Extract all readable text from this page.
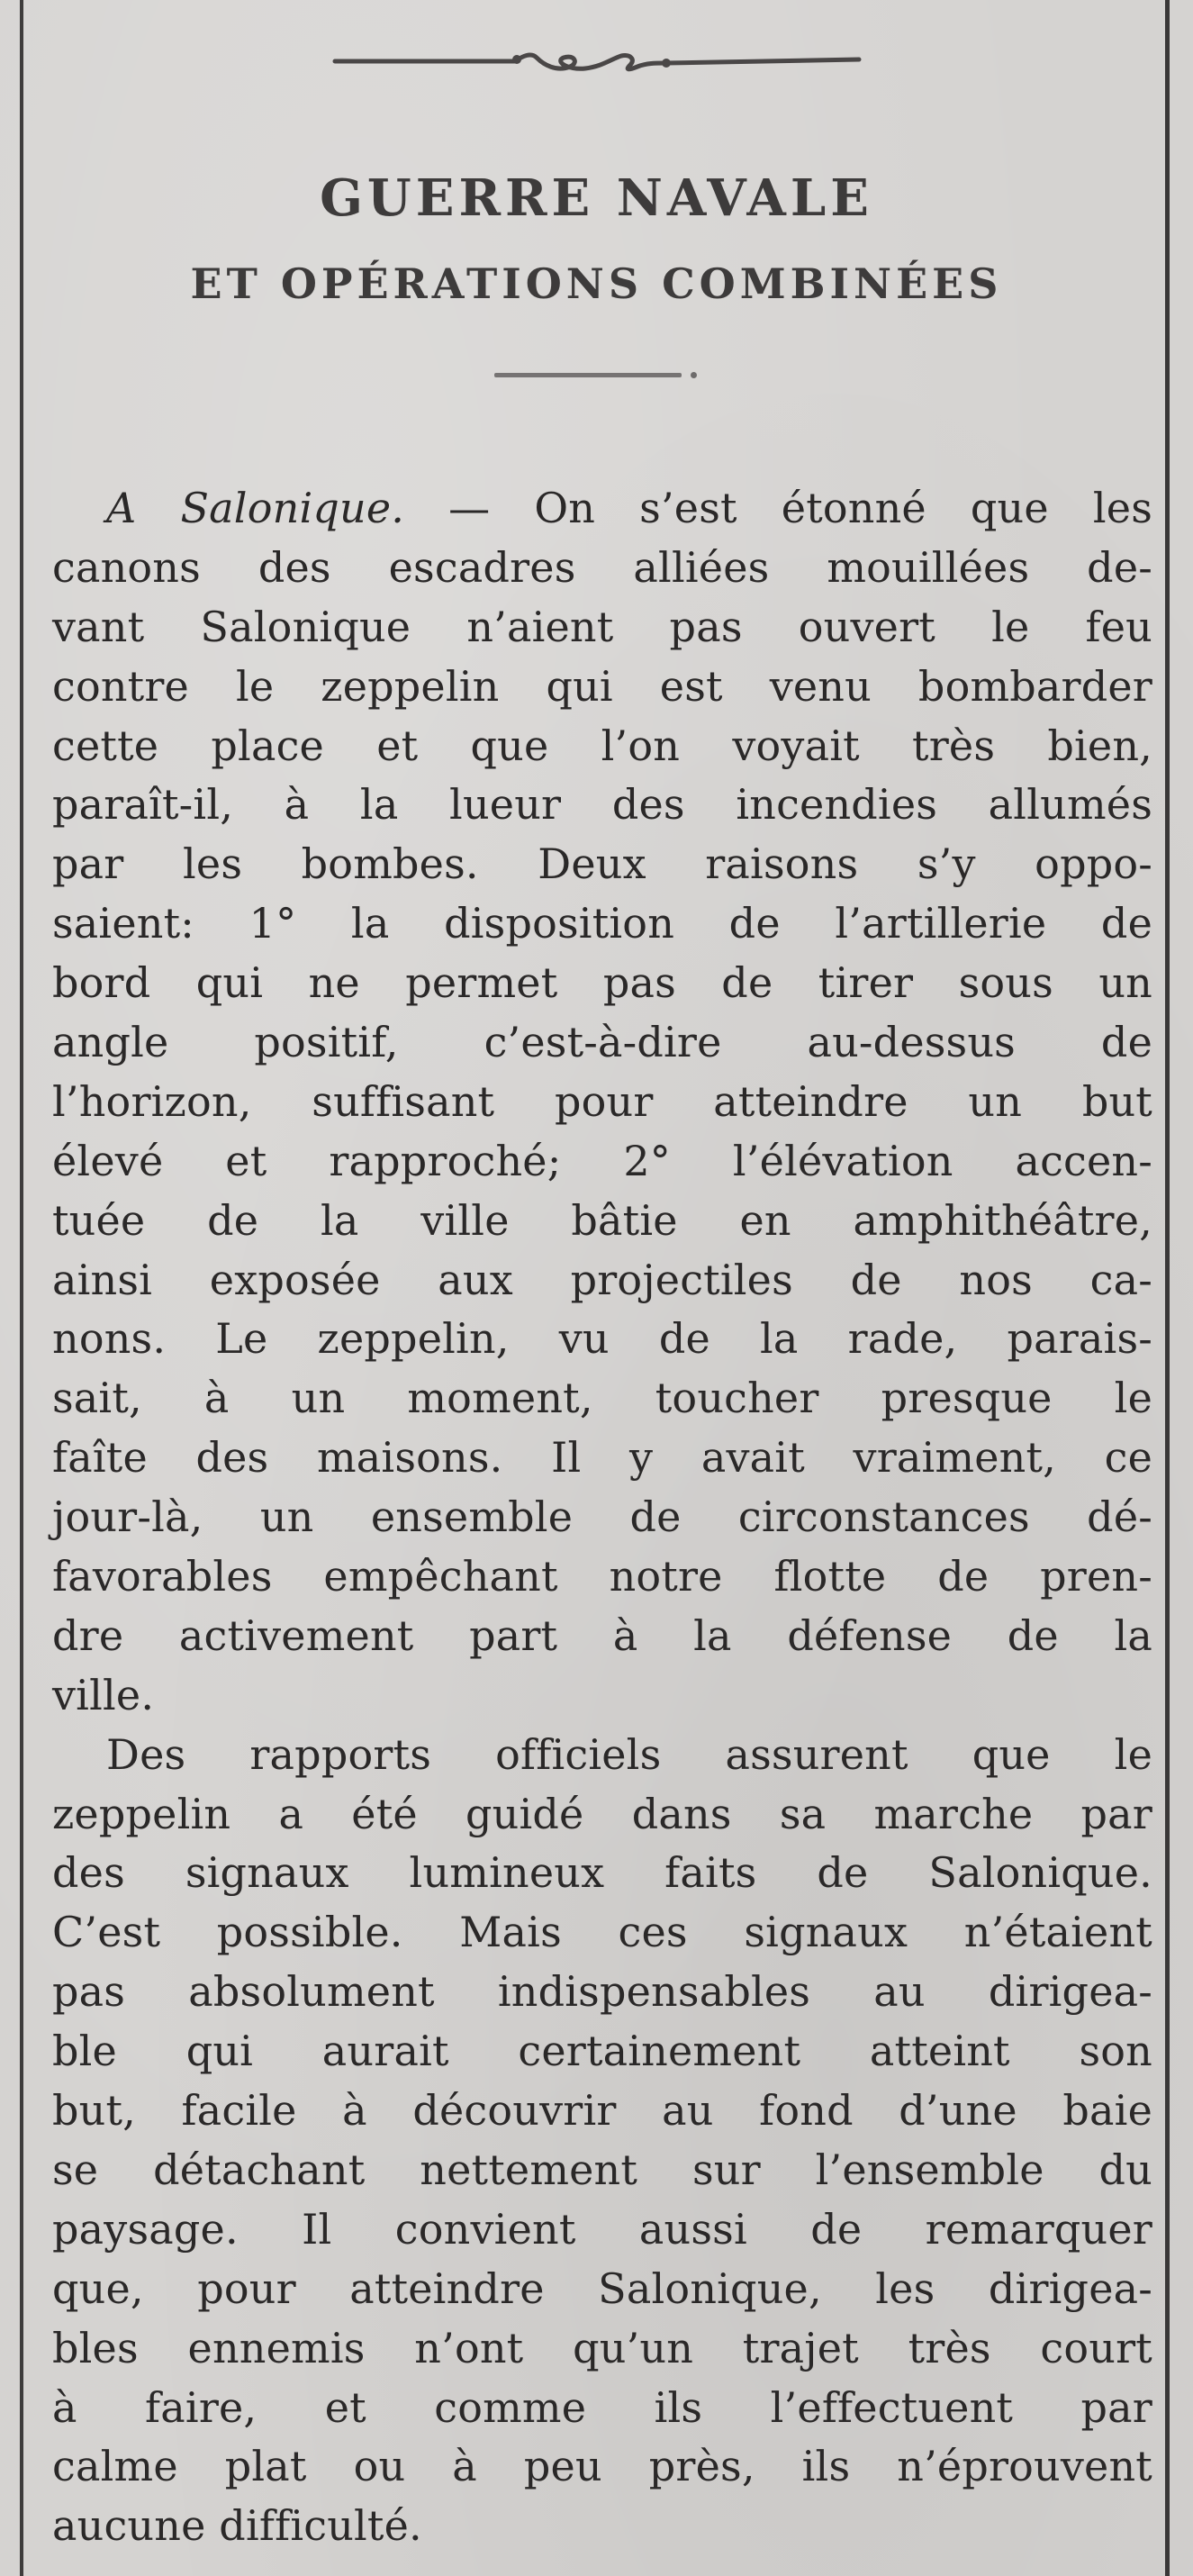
GUERRE NAVALE
ET OPÉRATIONS COMBINÉES
A Salonique. — On s’est étonné que les
canons des escadres alliées mouillées de-
vant Salonique n’aient pas ouvert le feu
contre le zeppelin qui est venu bombarder
cette place et que l’on voyait très bien,
paraît-il, à la lueur des incendies allumés
par les bombes. Deux raisons s’y oppo-
saient: 1° la disposition de l’artillerie de
bord qui ne permet pas de tirer sous un
angle positif, c’est-à-dire au-dessus de
l’horizon, suffisant pour atteindre un but
élevé et rapproché; 2° l’élévation accen-
tuée de la ville bâtie en amphithéâtre,
ainsi exposée aux projectiles de nos ca-
nons. Le zeppelin, vu de la rade, parais-
sait, à un moment, toucher presque le
faîte des maisons. Il y avait vraiment, ce
jour-là, un ensemble de circonstances dé-
favorables empêchant notre flotte de pren-
dre activement part à la défense de la
ville.
Des rapports officiels assurent que le
zeppelin a été guidé dans sa marche par
des signaux lumineux faits de Salonique.
C’est possible. Mais ces signaux n’étaient
pas absolument indispensables au dirigea-
ble qui aurait certainement atteint son
but, facile à découvrir au fond d’une baie
se détachant nettement sur l’ensemble du
paysage. Il convient aussi de remarquer
que, pour atteindre Salonique, les dirigea-
bles ennemis n’ont qu’un trajet très court
à faire, et comme ils l’effectuent par
calme plat ou à peu près, ils n’éprouvent
aucune difficulté.
